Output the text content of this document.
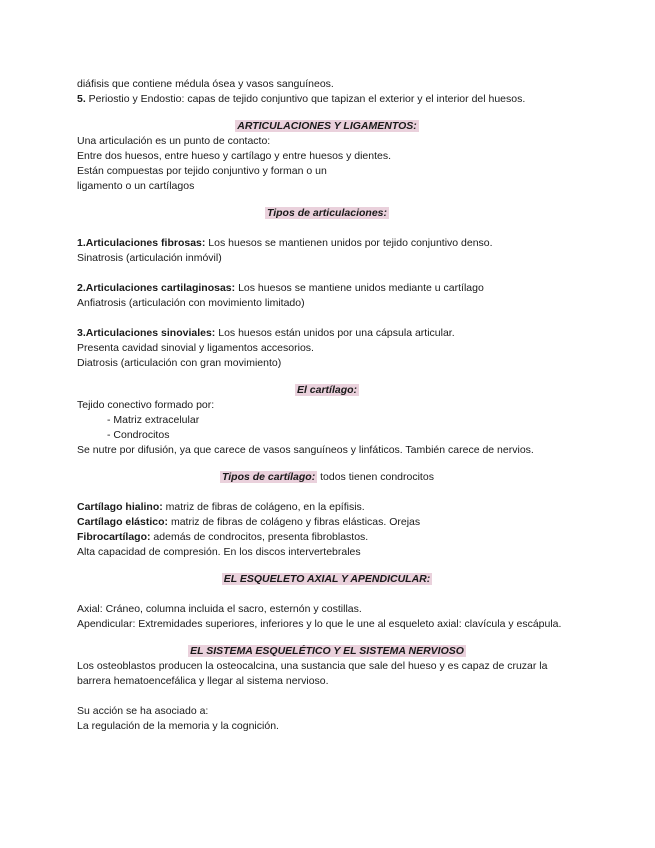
diáfisis que contiene médula ósea y vasos sanguíneos.
5. Periostio y Endostio: capas de tejido conjuntivo que tapizan el exterior y el interior del huesos.
ARTICULACIONES Y LIGAMENTOS:
Una articulación es un punto de contacto:
Entre dos huesos, entre hueso y cartílago y entre huesos y dientes.
Están compuestas por tejido conjuntivo y forman o un
ligamento o un cartílagos
Tipos de articulaciones:
1.Articulaciones fibrosas: Los huesos se mantienen unidos por tejido conjuntivo denso.
Sinatrosis (articulación inmóvil)
2.Articulaciones cartilaginosas: Los huesos se mantiene unidos mediante u cartílago
Anfiatrosis (articulación con movimiento limitado)
3.Articulaciones sinoviales: Los huesos están unidos por una cápsula articular.
Presenta cavidad sinovial y ligamentos accesorios.
Diatrosis (articulación con gran movimiento)
El cartílago:
Tejido conectivo formado por:
- Matriz extracelular
- Condrocitos
Se nutre por difusión, ya que carece de vasos sanguíneos y linfáticos. También carece de nervios.
Tipos de cartílago: todos tienen condrocitos
Cartílago hialino: matriz de fibras de colágeno, en la epífisis.
Cartílago elástico: matriz de fibras de colágeno y fibras elásticas. Orejas
Fibrocartílago: además de condrocitos, presenta fibroblastos.
Alta capacidad de compresión. En los discos intervertebrales
EL ESQUELETO AXIAL Y APENDICULAR:
Axial: Cráneo, columna incluida el sacro, esternón y costillas.
Apendicular: Extremidades superiores, inferiores y lo que le une al esqueleto axial: clavícula y escápula.
EL SISTEMA ESQUELÉTICO Y EL SISTEMA NERVIOSO
Los osteoblastos producen la osteocalcina, una sustancia que sale del hueso y es capaz de cruzar la
barrera hematoencefálica y llegar al sistema nervioso.
Su acción se ha asociado a:
La regulación de la memoria y la cognición.
